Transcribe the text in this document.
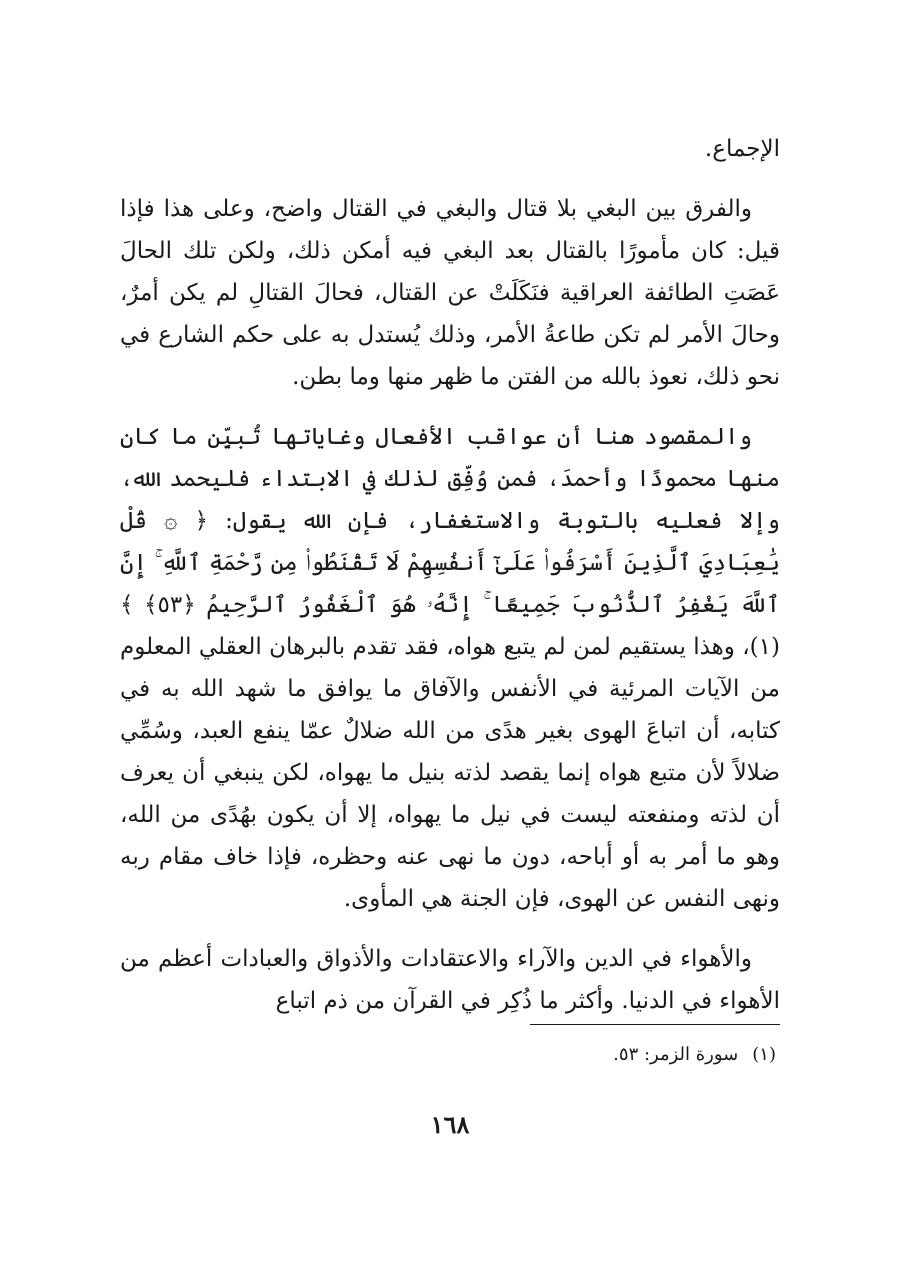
الإجماع.

والفرق بين البغي بلا قتال والبغي في القتال واضح، وعلى هذا فإذا قيل: كان مأمورًا بالقتال بعد البغي فيه أمكن ذلك، ولكن تلك الحالَ عَصَتِ الطائفة العراقية فنَكَلَتْ عن القتال، فحالَ القتالِ لم يكن أمرٌ، وحالَ الأمر لم تكن طاعةُ الأمر، وذلك يُستدل به على حكم الشارع في نحو ذلك، نعوذ بالله من الفتن ما ظهر منها وما بطن.

والمقصود هنا أن عواقب الأفعال وغاياتها تُبيِّن ما كان منها محمودًا وأحمدَ، فمن وُفِّق لذلك في الابتداء فليحمد الله، وإلا فعليه بالتوبة والاستغفار، فإن الله يقول: ﴿ ۞ قُلْ يَٰعِبَادِيَ ٱلَّذِينَ أَسْرَفُوا۟ عَلَىٰٓ أَنفُسِهِمْ لَا تَقْنَطُوا۟ مِن رَّحْمَةِ ٱللَّهِ ۚ إِنَّ ٱللَّهَ يَغْفِرُ ٱلذُّنُوبَ جَمِيعًا ۚ إِنَّهُۥ هُوَ ٱلْغَفُورُ ٱلرَّحِيمُ ﴿٥٣﴾ ﴾(١)، وهذا يستقيم لمن لم يتبع هواه، فقد تقدم بالبرهان العقلي المعلوم من الآيات المرئية في الأنفس والآفاق ما يوافق ما شهد الله به في كتابه، أن اتباعَ الهوى بغير هدًى من الله ضلالٌ عمّا ينفع العبد، وسُمِّي ضلالاً لأن متبع هواه إنما يقصد لذته بنيل ما يهواه، لكن ينبغي أن يعرف أن لذته ومنفعته ليست في نيل ما يهواه، إلا أن يكون بهُدًى من الله، وهو ما أمر به أو أباحه، دون ما نهى عنه وحظره، فإذا خاف مقام ربه ونهى النفس عن الهوى، فإن الجنة هي المأوى.

والأهواء في الدين والآراء والاعتقادات والأذواق والعبادات أعظم من الأهواء في الدنيا. وأكثر ما ذُكِر في القرآن من ذم اتباع

(١)سورة الزمر: ٥٣.

١٦٨
